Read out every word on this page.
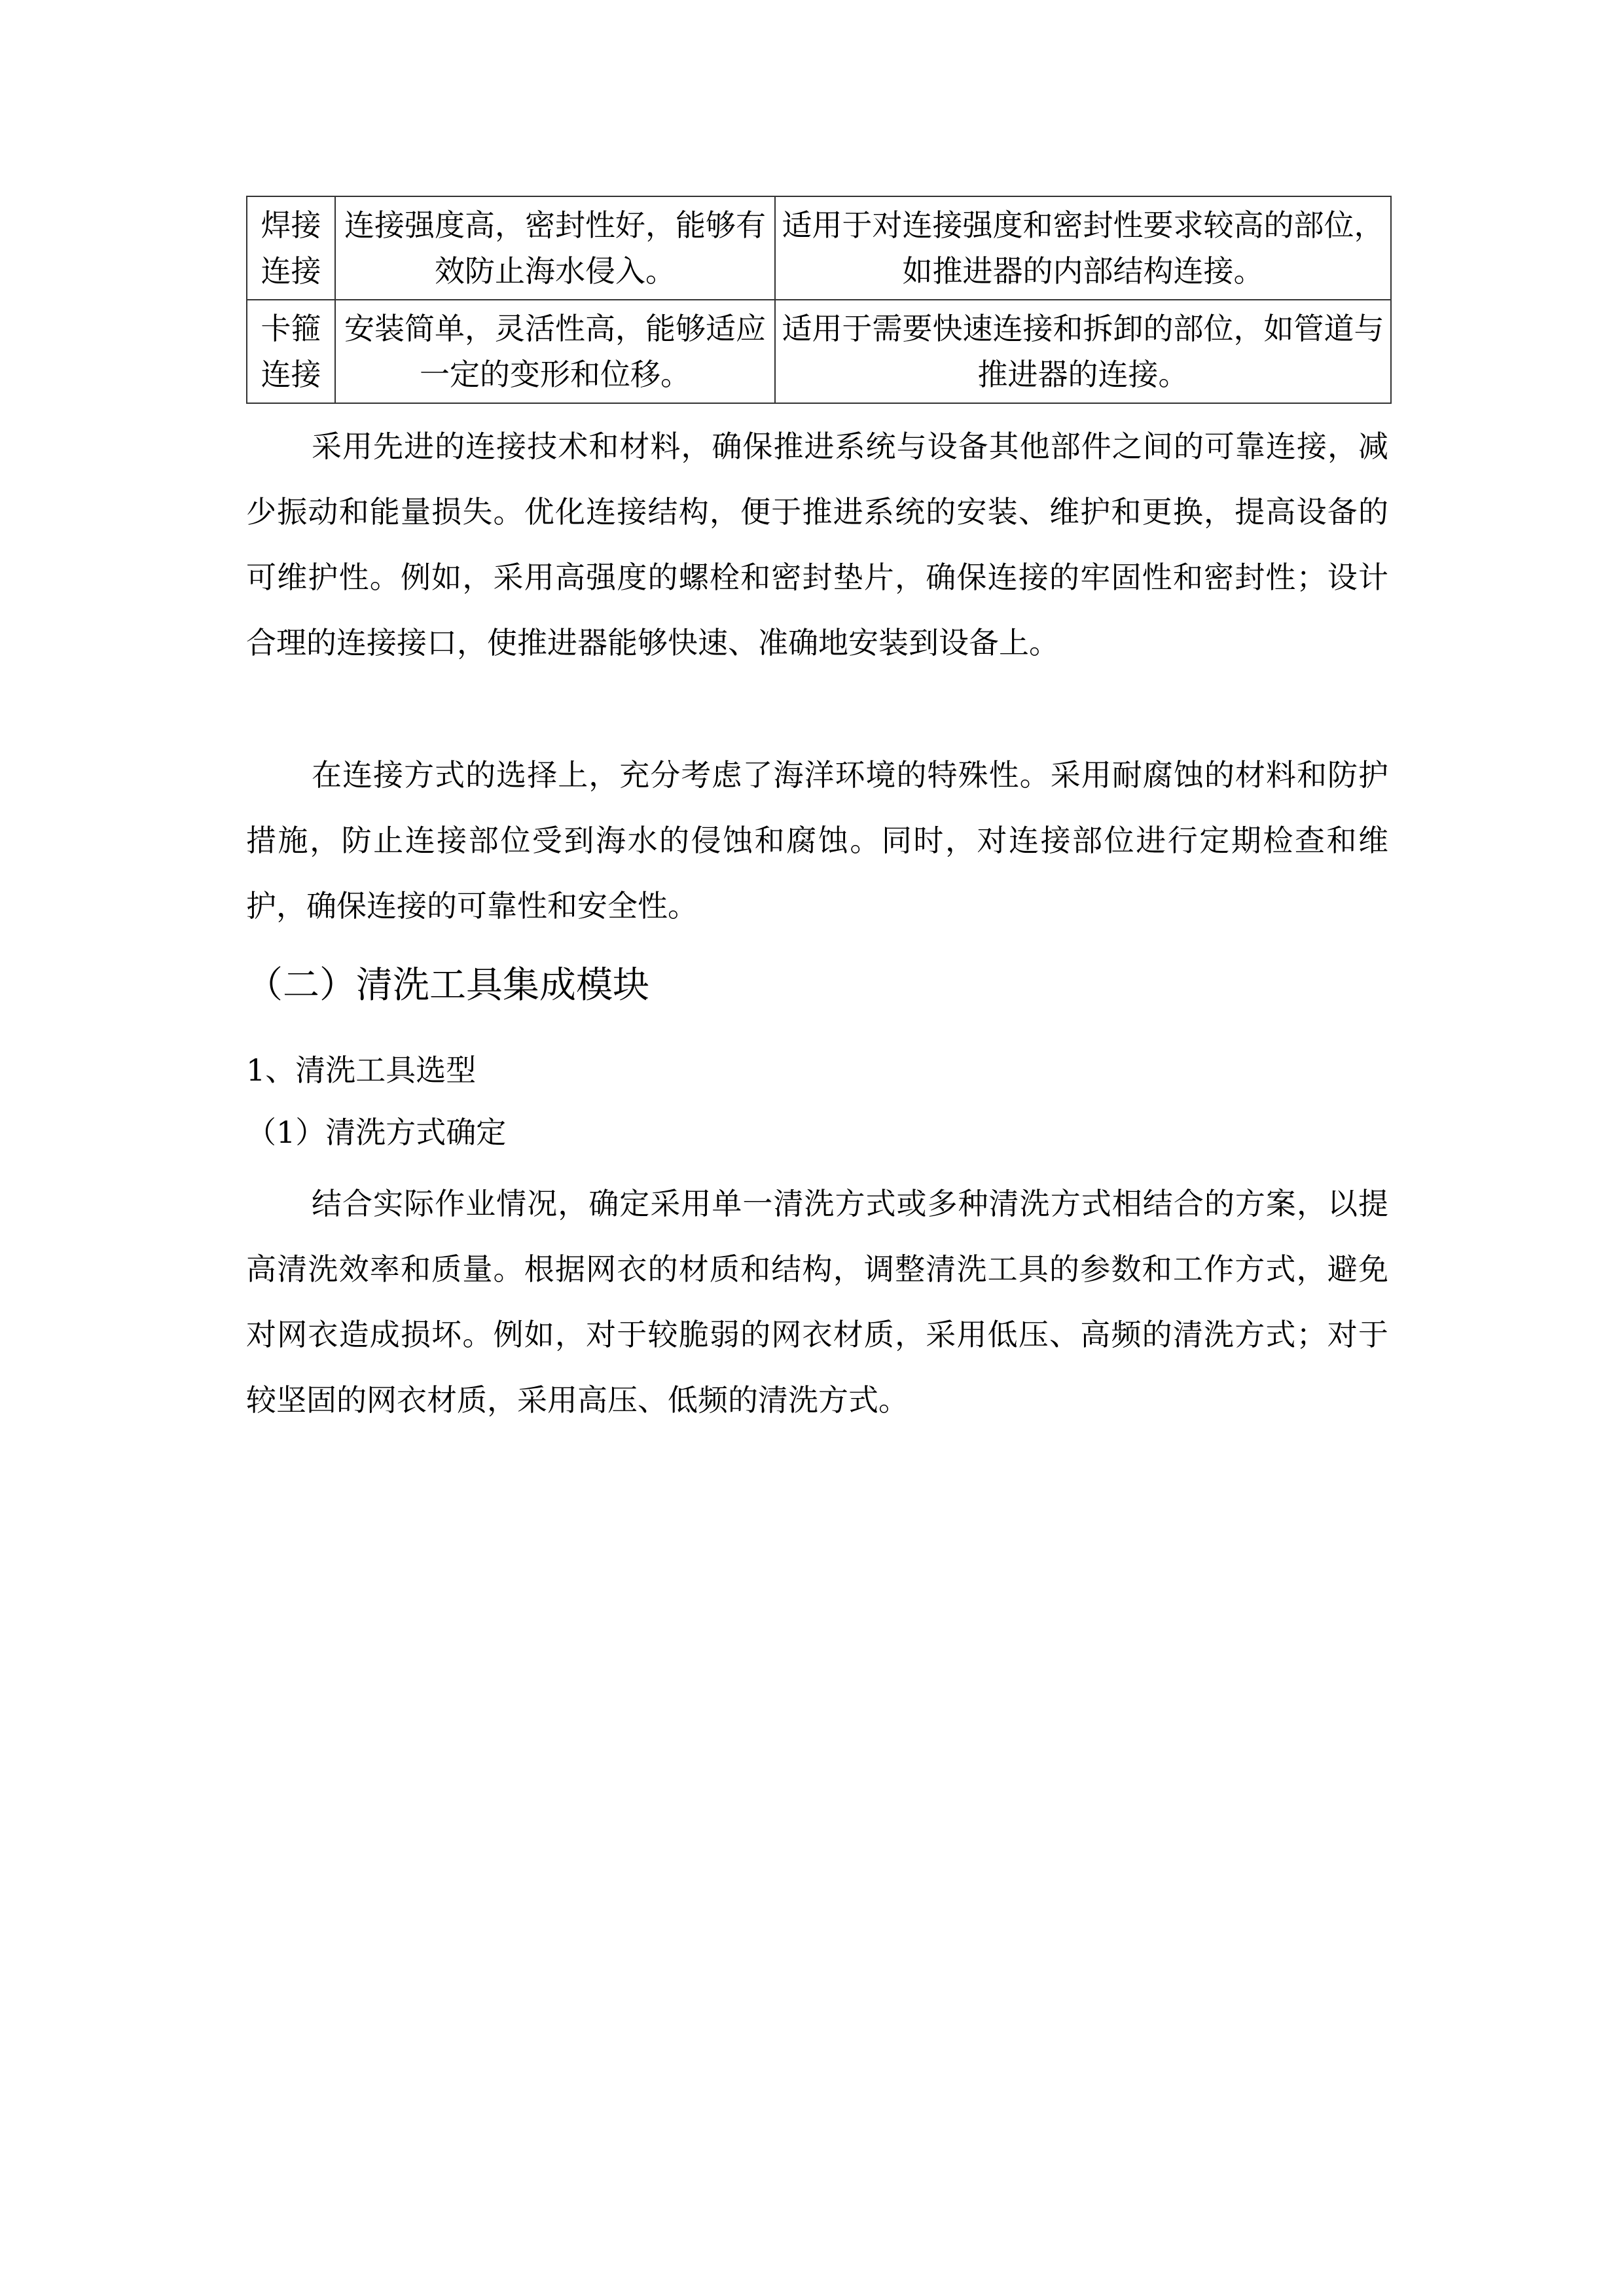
焊接连接	连接强度高，密封性好，能够有效防止海水侵入。	适用于对连接强度和密封性要求较高的部位，如推进器的内部结构连接。
卡箍连接	安装简单，灵活性高，能够适应一定的变形和位移。	适用于需要快速连接和拆卸的部位，如管道与推进器的连接。

采用先进的连接技术和材料，确保推进系统与设备其他部件之间的可靠连接，减少振动和能量损失。优化连接结构，便于推进系统的安装、维护和更换，提高设备的可维护性。例如，采用高强度的螺栓和密封垫片，确保连接的牢固性和密封性；设计合理的连接接口，使推进器能够快速、准确地安装到设备上。

在连接方式的选择上，充分考虑了海洋环境的特殊性。采用耐腐蚀的材料和防护措施，防止连接部位受到海水的侵蚀和腐蚀。同时，对连接部位进行定期检查和维护，确保连接的可靠性和安全性。

（二）清洗工具集成模块
1、清洗工具选型
（1）清洗方式确定

结合实际作业情况，确定采用单一清洗方式或多种清洗方式相结合的方案，以提高清洗效率和质量。根据网衣的材质和结构，调整清洗工具的参数和工作方式，避免对网衣造成损坏。例如，对于较脆弱的网衣材质，采用低压、高频的清洗方式；对于较坚固的网衣材质，采用高压、低频的清洗方式。
